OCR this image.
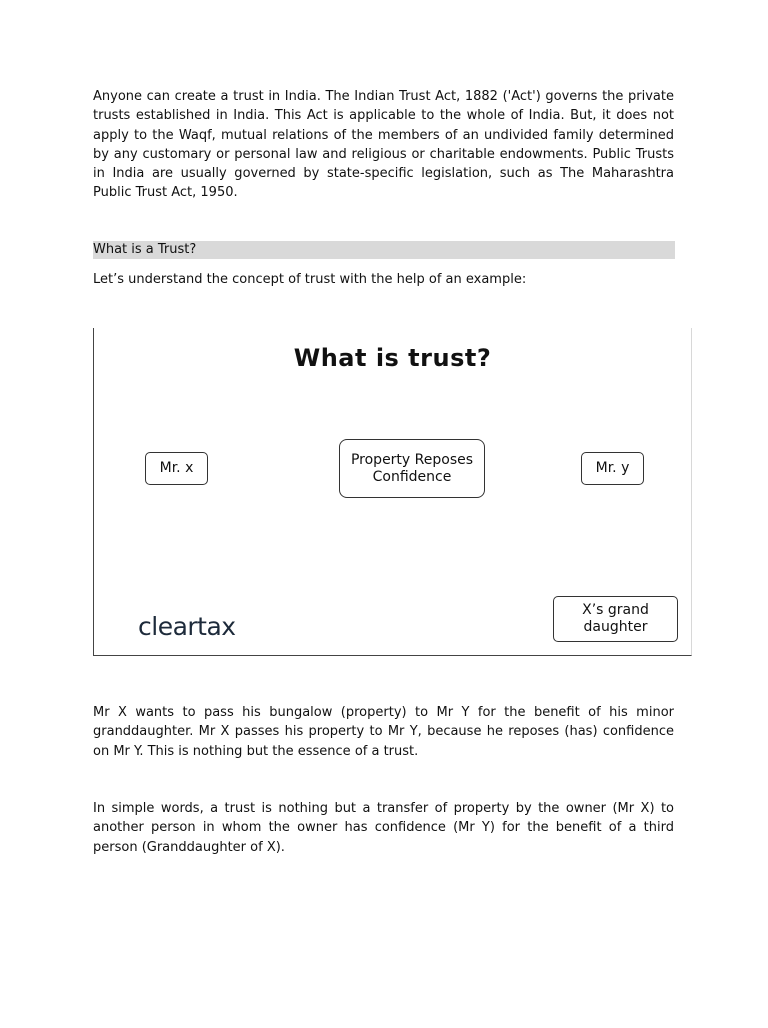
Anyone can create a trust in India. The Indian Trust Act, 1882 ('Act') governs the private trusts established in India. This Act is applicable to the whole of India. But, it does not apply to the Waqf, mutual relations of the members of an undivided family determined by any customary or personal law and religious or charitable endowments. Public Trusts in India are usually governed by state-specific legislation, such as The Maharashtra Public Trust Act, 1950.

What is a Trust?

Let’s understand the concept of trust with the help of an example:

What is trust?
Mr. x
Property Reposes
Confidence
Mr. y
X’s grand
daughter
cleartax

Mr X wants to pass his bungalow (property) to Mr Y for the benefit of his minor granddaughter. Mr X passes his property to Mr Y, because he reposes (has) confidence on Mr Y. This is nothing but the essence of a trust.

In simple words, a trust is nothing but a transfer of property by the owner (Mr X) to another person in whom the owner has confidence (Mr Y) for the benefit of a third person (Granddaughter of X).
